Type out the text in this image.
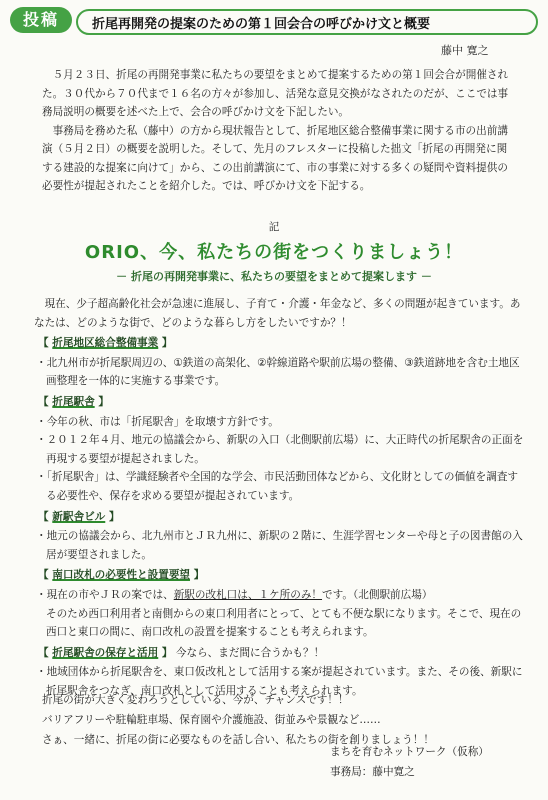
投稿	折尾再開発の提案のための第１回会合の呼びかけ文と概要
藤中 寛之

５月２３日、折尾の再開発事業に私たちの要望をまとめて提案するための第１回会合が開催された。３０代から７０代まで１６名の方々が参加し、活発な意見交換がなされたのだが、ここでは事務局説明の概要を述べた上で、会合の呼びかけ文を下記したい。

事務局を務めた私（藤中）の方から現状報告として、折尾地区総合整備事業に関する市の出前講演（５月２日）の概要を説明した。そして、先月のフレスターに投稿した拙文「折尾の再開発に関する建設的な提案に向けて」から、この出前講演にて、市の事業に対する多くの疑問や資料提供の必要性が提起されたことを紹介した。では、呼びかけ文を下記する。

記
ORIO、今、私たちの街をつくりましょう！
－ 折尾の再開発事業に、私たちの要望をまとめて提案します －

現在、少子超高齢化社会が急速に進展し、子育て・介護・年金など、多くの問題が起きています。あなたは、どのような街で、どのような暮らし方をしたいですか？！

【 折尾地区総合整備事業 】

・北九州市が折尾駅周辺の、①鉄道の高架化、②幹線道路や駅前広場の整備、③鉄道跡地を含む土地区画整理を一体的に実施する事業です。

【 折尾駅舎 】

・今年の秋、市は「折尾駅舎」を取壊す方針です。

・２０１２年４月、地元の協議会から、新駅の入口（北側駅前広場）に、大正時代の折尾駅舎の正面を再現する要望が提起されました。

・「折尾駅舎」は、学識経験者や全国的な学会、市民活動団体などから、文化財としての価値を調査する必要性や、保存を求める要望が提起されています。

【 新駅舎ビル 】

・地元の協議会から、北九州市とＪＲ九州に、新駅の２階に、生涯学習センターや母と子の図書館の入居が要望されました。

【 南口改札の必要性と設置要望 】

・現在の市やＪＲの案では、新駅の改札口は、１ケ所のみ！です。（北側駅前広場）

そのため西口利用者と南側からの東口利用者にとって、とても不便な駅になります。そこで、現在の西口と東口の間に、南口改札の設置を提案することも考えられます。

【 折尾駅舎の保存と活用 】 今なら、まだ間に合うかも？！

・地域団体から折尾駅舎を、東口仮改札として活用する案が提起されています。また、その後、新駅に折尾駅舎をつなぎ、南口改札として活用することも考えられます。

折尾の街が大きく変わろうとしている、今が、チャンスです！！

バリアフリーや駐輪駐車場、保育園や介護施設、街並みや景観など……

さぁ、一緒に、折尾の街に必要なものを話し合い、私たちの街を創りましょう！！

まちを育むネットワーク（仮称）

事務局：藤中寛之
